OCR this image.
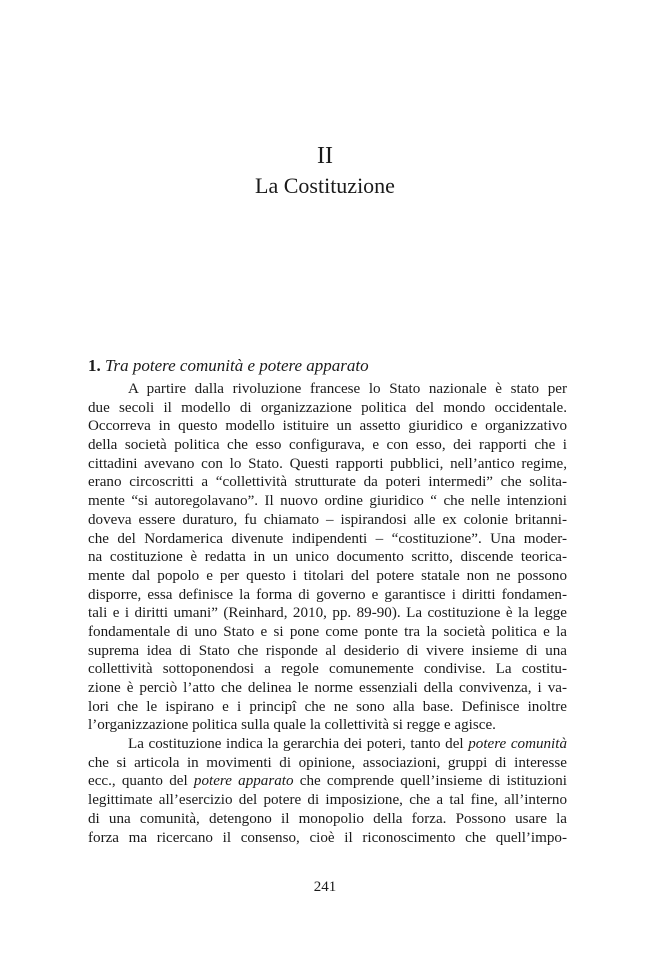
II
La Costituzione
1. Tra potere comunità e potere apparato
A partire dalla rivoluzione francese lo Stato nazionale è stato per
due secoli il modello di organizzazione politica del mondo occidentale.
Occorreva in questo modello istituire un assetto giuridico e organizzativo
della società politica che esso configurava, e con esso, dei rapporti che i
cittadini avevano con lo Stato. Questi rapporti pubblici, nell’antico regime,
erano circoscritti a “collettività strutturate da poteri intermedi” che solita-
mente “si autoregolavano”. Il nuovo ordine giuridico “ che nelle intenzioni
doveva essere duraturo, fu chiamato – ispirandosi alle ex colonie britanni-
che del Nordamerica divenute indipendenti – “costituzione”. Una moder-
na costituzione è redatta in un unico documento scritto, discende teorica-
mente dal popolo e per questo i titolari del potere statale non ne possono
disporre, essa definisce la forma di governo e garantisce i diritti fondamen-
tali e i diritti umani” (Reinhard, 2010, pp. 89-90). La costituzione è la legge
fondamentale di uno Stato e si pone come ponte tra la società politica e la
suprema idea di Stato che risponde al desiderio di vivere insieme di una
collettività sottoponendosi a regole comunemente condivise. La costitu-
zione è perciò l’atto che delinea le norme essenziali della convivenza, i va-
lori che le ispirano e i principî che ne sono alla base. Definisce inoltre
l’organizzazione politica sulla quale la collettività si regge e agisce.
La costituzione indica la gerarchia dei poteri, tanto del potere comunità
che si articola in movimenti di opinione, associazioni, gruppi di interesse
ecc., quanto del potere apparato che comprende quell’insieme di istituzioni
legittimate all’esercizio del potere di imposizione, che a tal fine, all’interno
di una comunità, detengono il monopolio della forza. Possono usare la
forza ma ricercano il consenso, cioè il riconoscimento che quell’impo-
241
